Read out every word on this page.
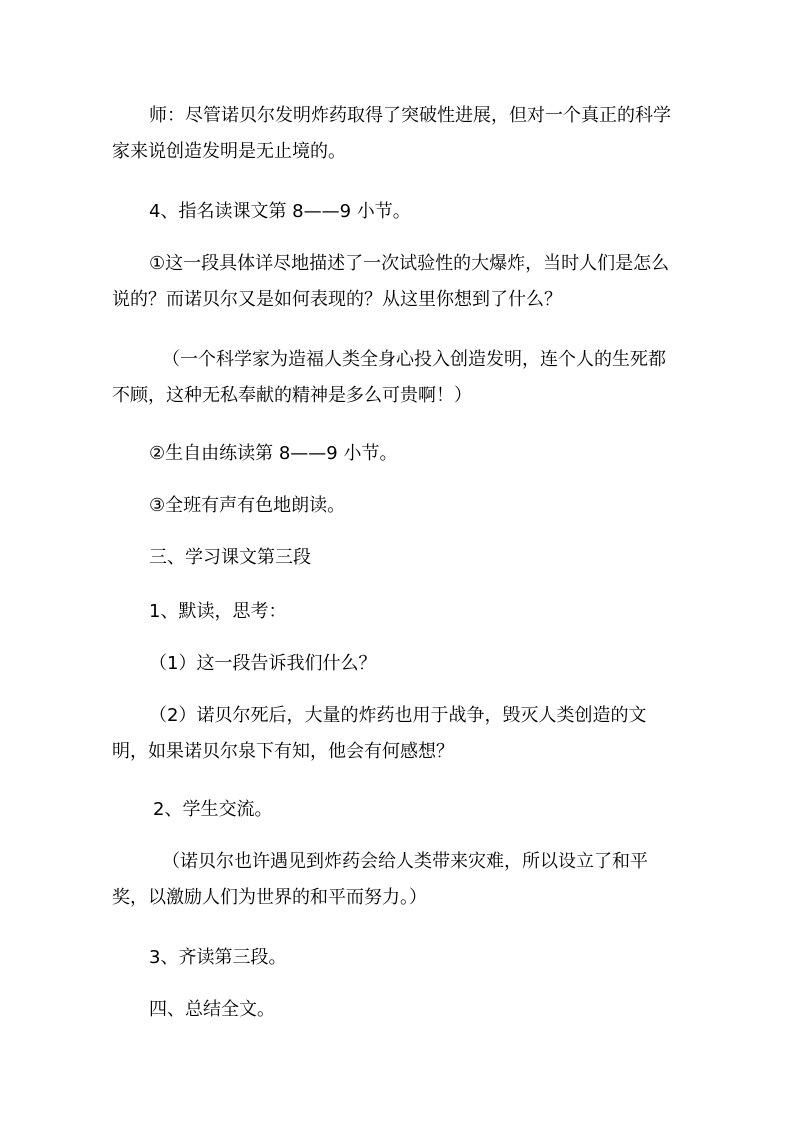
师：尽管诺贝尔发明炸药取得了突破性进展，但对一个真正的科学家来说创造发明是无止境的。

4、指名读课文第 8——9 小节。

①这一段具体详尽地描述了一次试验性的大爆炸，当时人们是怎么说的？而诺贝尔又是如何表现的？从这里你想到了什么？

（一个科学家为造福人类全身心投入创造发明，连个人的生死都不顾，这种无私奉献的精神是多么可贵啊！）

②生自由练读第 8——9 小节。

③全班有声有色地朗读。

三、学习课文第三段

1、默读，思考：

（1）这一段告诉我们什么？

（2）诺贝尔死后，大量的炸药也用于战争，毁灭人类创造的文明，如果诺贝尔泉下有知，他会有何感想？

2、学生交流。

（诺贝尔也许遇见到炸药会给人类带来灾难，所以设立了和平奖，以激励人们为世界的和平而努力。）

3、齐读第三段。

四、总结全文。
